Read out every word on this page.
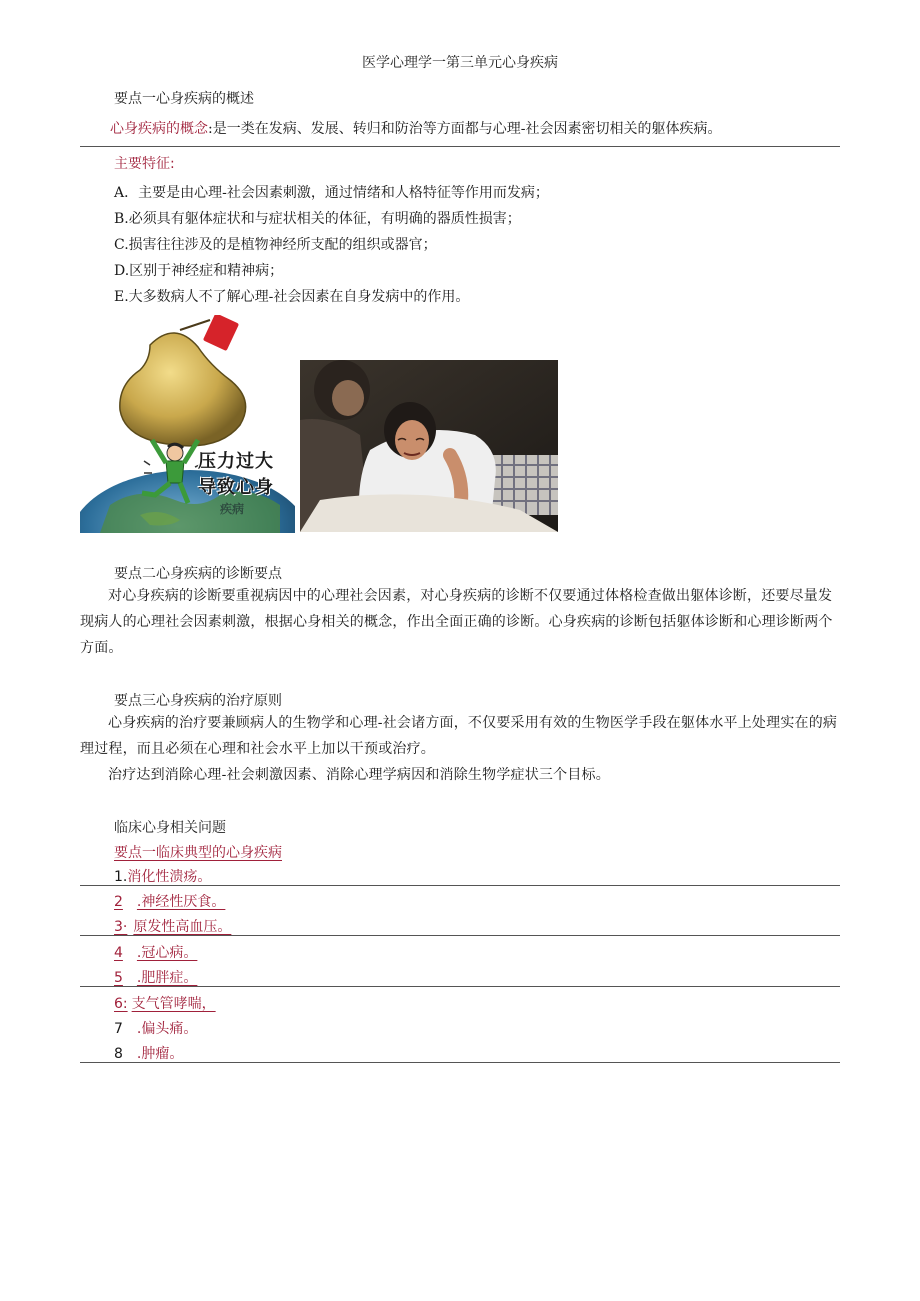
医学心理学一第三单元心身疾病
要点一心身疾病的概述
心身疾病的概念:是一类在发病、发展、转归和防治等方面都与心理-社会因素密切相关的躯体疾病。
主要特征:
A．主要是由心理-社会因素刺激，通过情绪和人格特征等作用而发病；
B.必须具有躯体症状和与症状相关的体征，有明确的器质性损害；
C.损害往往涉及的是植物神经所支配的组织或器官；
D.区别于神经症和精神病；
E.大多数病人不了解心理-社会因素在自身发病中的作用。
压力过大
导致心身
疾病
要点二心身疾病的诊断要点
对心身疾病的诊断要重视病因中的心理社会因素，对心身疾病的诊断不仅要通过体格检查做出躯体诊断，还要尽量发现病人的心理社会因素刺激，根据心身相关的概念，作出全面正确的诊断。心身疾病的诊断包括躯体诊断和心理诊断两个方面。
要点三心身疾病的治疗原则
心身疾病的治疗要兼顾病人的生物学和心理-社会诸方面，不仅要采用有效的生物医学手段在躯体水平上处理实在的病理过程，而且必须在心理和社会水平上加以干预或治疗。
治疗达到消除心理-社会刺激因素、消除心理学病因和消除生物学症状三个目标。
临床心身相关问题
要点一临床典型的心身疾病
1.消化性溃疡。
2 .神经性厌食。
3· 原发性高血压。
4 .冠心病。
5 .肥胖症。
6: 支气管哮喘，
7 .偏头痛。
8 .肿瘤。
